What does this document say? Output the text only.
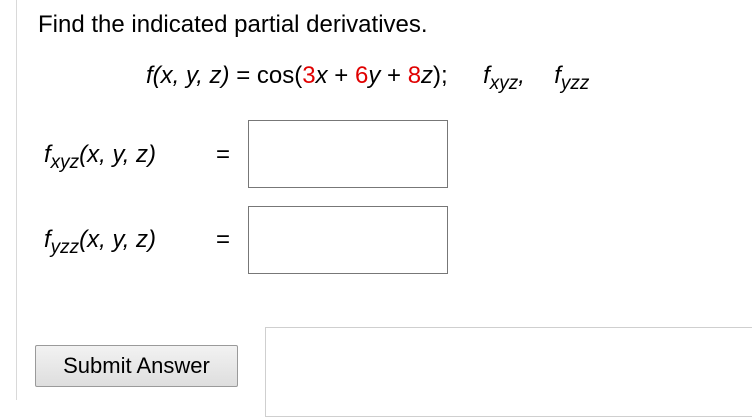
Find the indicated partial derivatives.
f(x, y, z) = cos(3x + 6y + 8z); $f_{xyz}$, $f_{yzz}$
$f_{xyz}(x$, y, z) =
$f_{yzz}(x$, y, z) =
Submit Answer
